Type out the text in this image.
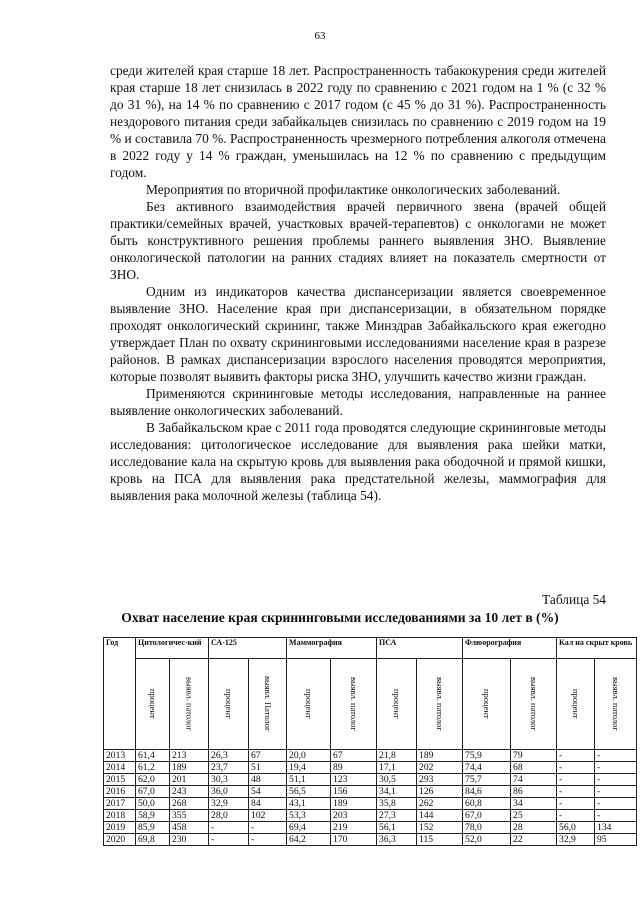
63

среди жителей края старше 18 лет. Распространенность табакокурения среди жителей края старше 18 лет снизилась в 2022 году по сравнению с 2021 годом на 1 % (с 32 % до 31 %), на 14 % по сравнению с 2017 годом (с 45 % до 31 %). Распространенность нездорового питания среди забайкальцев снизилась по сравнению с 2019 годом на 19 % и составила 70 %. Распространенность чрезмерного потребления алкоголя отмечена в 2022 году у 14 % граждан, уменьшилась на 12 % по сравнению с предыдущим годом.

Мероприятия по вторичной профилактике онкологических заболеваний.

Без активного взаимодействия врачей первичного звена (врачей общей практики/семейных врачей, участковых врачей-терапевтов) с онкологами не может быть конструктивного решения проблемы раннего выявления ЗНО. Выявление онкологической патологии на ранних стадиях влияет на показатель смертности от ЗНО.

Одним из индикаторов качества диспансеризации является своевременное выявление ЗНО. Население края при диспансеризации, в обязательном порядке проходят онкологический скрининг, также Минздрав Забайкальского края ежегодно утверждает План по охвату скрининговыми исследованиями население края в разрезе районов. В рамках диспансеризации взрослого населения проводятся мероприятия, которые позволят выявить факторы риска ЗНО, улучшить качество жизни граждан.

Применяются скрининговые методы исследования, направленные на раннее выявление онкологических заболеваний.

В Забайкальском крае с 2011 года проводятся следующие скрининговые методы исследования: цитологическое исследование для выявления рака шейки матки, исследование кала на скрытую кровь для выявления рака ободочной и прямой кишки, кровь на ПСА для выявления рака предстательной железы, маммография для выявления рака молочной железы (таблица 54).

Таблица 54
Охват население края скрининговыми исследованиями за 10 лет в (%)
Год	Цитологичес-кий		СА-125		Маммография		ПСА		Флюорография		Кал на скрыт кровь	

	процент	выявл. патолог	процент	выявл. Патолог	процент	выявл. патолог	процент	выявл. патолог	процент	выявл. патолог	процент	выявл. патолог

2013	61,4	213	26,3	67	20,0	67	21,8	189	75,9	79	-	-
2014	61,2	189	23,7	51	19,4	89	17,1	202	74,4	68	-	-
2015	62,0	201	30,3	48	51,1	123	30,5	293	75,7	74	-	-
2016	67,0	243	36,0	54	56,5	156	34,1	126	84,6	86	-	-
2017	50,0	268	32,9	84	43,1	189	35,8	262	60,8	34	-	-
2018	58,9	355	28,0	102	53,3	203	27,3	144	67,0	25	-	-
2019	85,9	458	-	-	69,4	219	56,1	152	78,0	28	56,0	134
2020	69,8	230	-	-	64,2	170	36,3	115	52,0	22	32,9	95
